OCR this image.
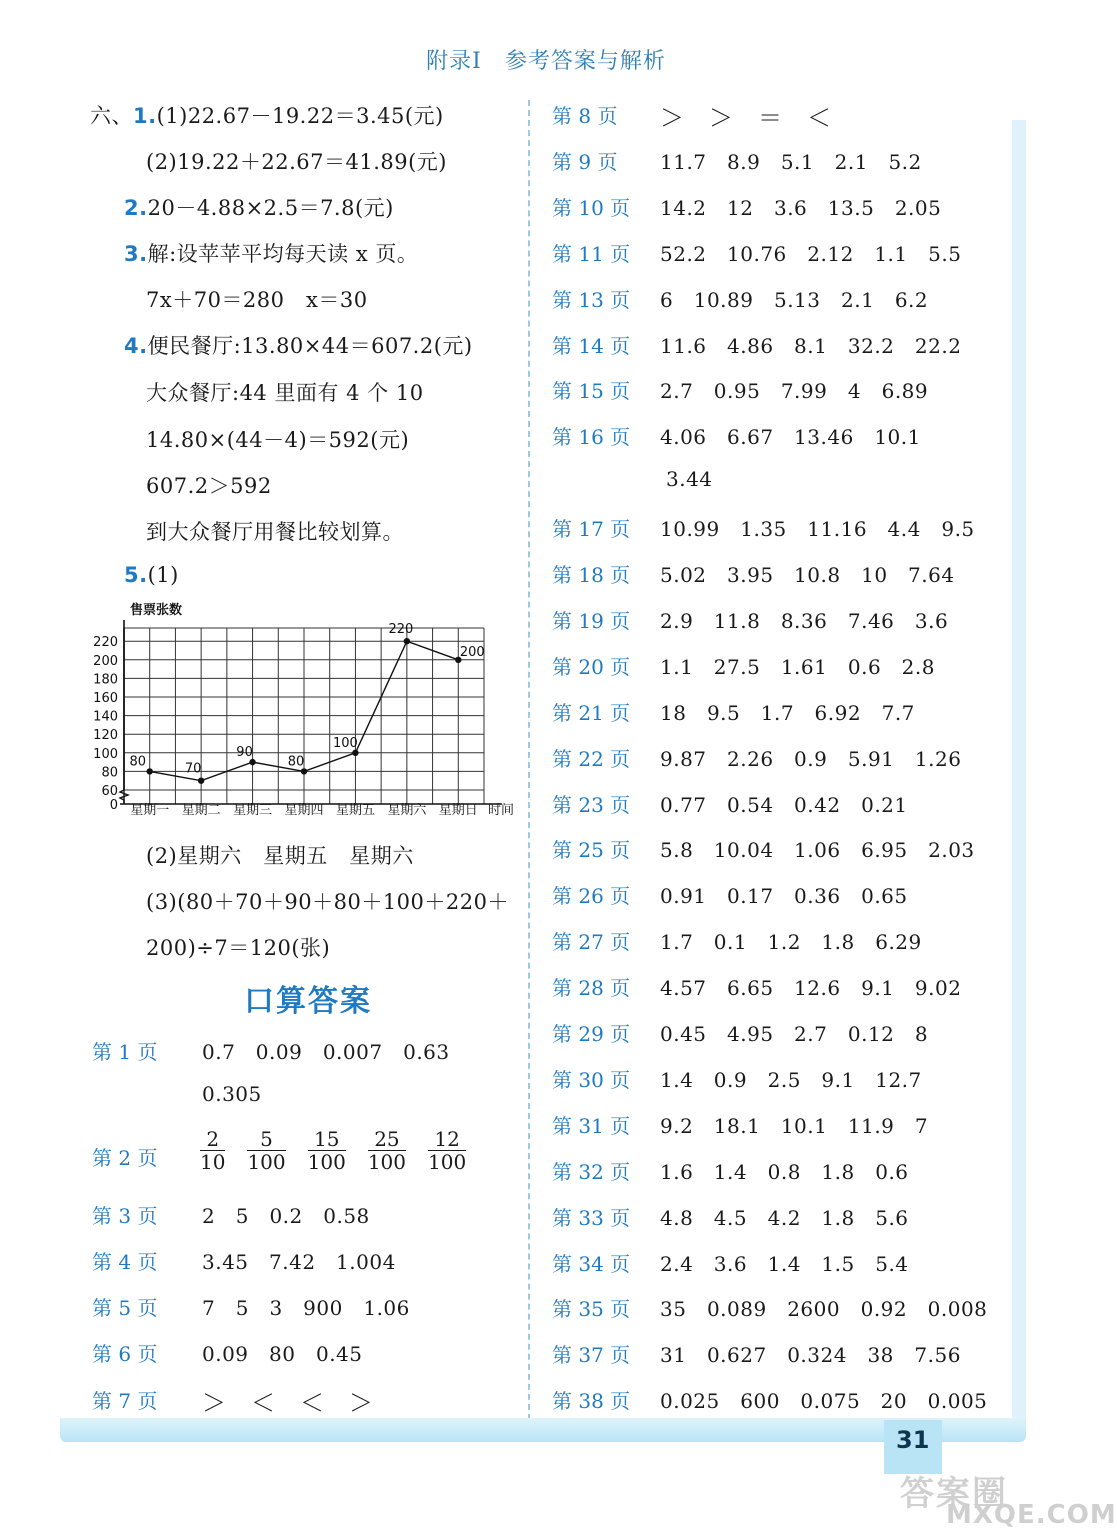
31
附录Ⅰ　参考答案与解析
六、1.(1)22.67－19.22＝3.45(元)
(2)19.22＋22.67＝41.89(元)
2.20－4.88×2.5＝7.8(元)
3.解:设苹苹平均每天读 x 页。
7x＋70＝280　x＝30
4.便民餐厅:13.80×44＝607.2(元)
大众餐厅:44 里面有 4 个 10
14.80×(44－4)＝592(元)
607.2＞592
到大众餐厅用餐比较划算。
5.(1)
0
60
80
100
120
140
160
180
200
220
售票张数
星期一 星期二 星期三 星期四 星期五 星期六 星期日 时间
80	70
90
80
100
220
200
(2)星期六　星期五　星期六
(3)(80＋70＋90＋80＋100＋220＋
200)÷7＝120(张)
口算答案
第 1 页 0.7　0.09　0.007　0.63
0.305
第 2 页 $\frac{2}{10} \frac{5}{100} \frac{15}{100} \frac{25}{100} \frac{12}{100}$
第 3 页 2　5　0.2　0.58
第 4 页 3.45　7.42　1.004
第 5 页 7　5　3　900　1.06
第 6 页 0.09　80　0.45
第 7 页 ＞　＜　＜　＞
第 8 页 ＞　＞　＝　＜
第 9 页 11.7　8.9　5.1　2.1　5.2
第 10 页 14.2　12　3.6　13.5　2.05
第 11 页 52.2　10.76　2.12　1.1　5.5
第 13 页 6　10.89　5.13　2.1　6.2
第 14 页 11.6　4.86　8.1　32.2　22.2
第 15 页 2.7　0.95　7.99　4　6.89
第 16 页 4.06　6.67　13.46　10.1
3.44
第 17 页 10.99　1.35　11.16　4.4　9.5
第 18 页 5.02　3.95　10.8　10　7.64
第 19 页 2.9　11.8　8.36　7.46　3.6
第 20 页 1.1　27.5　1.61　0.6　2.8
第 21 页 18　9.5　1.7　6.92　7.7
第 22 页 9.87　2.26　0.9　5.91　1.26
第 23 页 0.77　0.54　0.42　0.21
第 25 页 5.8　10.04　1.06　6.95　2.03
第 26 页 0.91　0.17　0.36　0.65
第 27 页 1.7　0.1　1.2　1.8　6.29
第 28 页 4.57　6.65　12.6　9.1　9.02
第 29 页 0.45　4.95　2.7　0.12　8
第 30 页 1.4　0.9　2.5　9.1　12.7
第 31 页 9.2　18.1　10.1　11.9　7
第 32 页 1.6　1.4　0.8　1.8　0.6
第 33 页 4.8　4.5　4.2　1.8　5.6
第 34 页 2.4　3.6　1.4　1.5　5.4
第 35 页 35　0.089　2600　0.92　0.008
第 37 页 31　0.627　0.324　38　7.56
第 38 页 0.025　600　0.075　20　0.005
答案圈
MXQE.COM
